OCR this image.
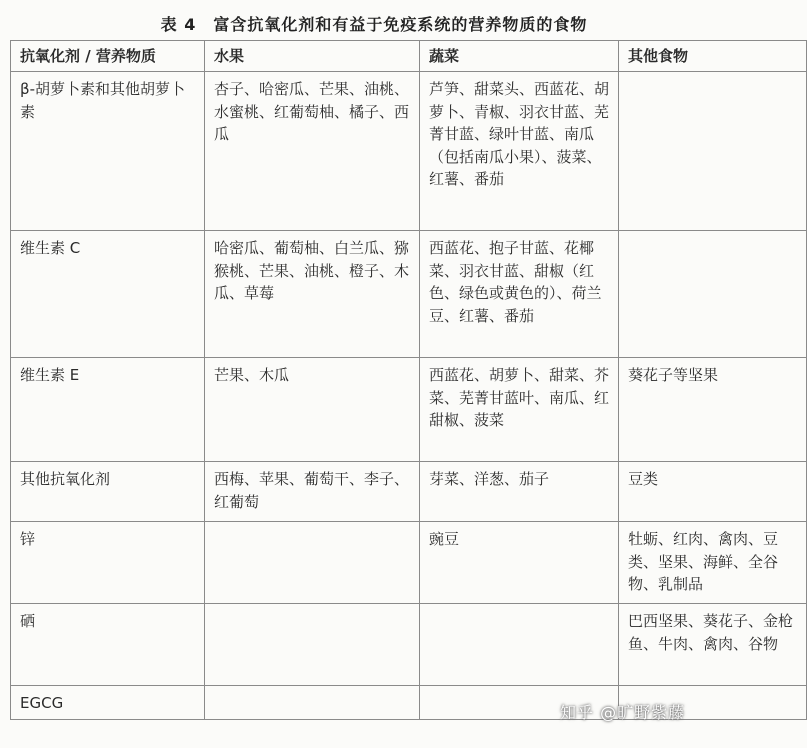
表 4　富含抗氧化剂和有益于免疫系统的营养物质的食物
抗氧化剂 / 营养物质	水果	蔬菜	其他食物
β-胡萝卜素和其他胡萝卜素	杏子、哈密瓜、芒果、油桃、水蜜桃、红葡萄柚、橘子、西瓜	芦笋、甜菜头、西蓝花、胡萝卜、青椒、羽衣甘蓝、芜菁甘蓝、绿叶甘蓝、南瓜（包括南瓜小果）、菠菜、红薯、番茄	
维生素 C	哈密瓜、葡萄柚、白兰瓜、猕猴桃、芒果、油桃、橙子、木瓜、草莓	西蓝花、抱子甘蓝、花椰菜、羽衣甘蓝、甜椒（红色、绿色或黄色的）、荷兰豆、红薯、番茄	
维生素 E	芒果、木瓜	西蓝花、胡萝卜、甜菜、芥菜、芜菁甘蓝叶、南瓜、红甜椒、菠菜	葵花子等坚果
其他抗氧化剂	西梅、苹果、葡萄干、李子、红葡萄	芽菜、洋葱、茄子	豆类
锌		豌豆	牡蛎、红肉、禽肉、豆类、坚果、海鲜、全谷物、乳制品
硒			巴西坚果、葵花子、金枪鱼、牛肉、禽肉、谷物
EGCG				知乎 @旷野紫藤
